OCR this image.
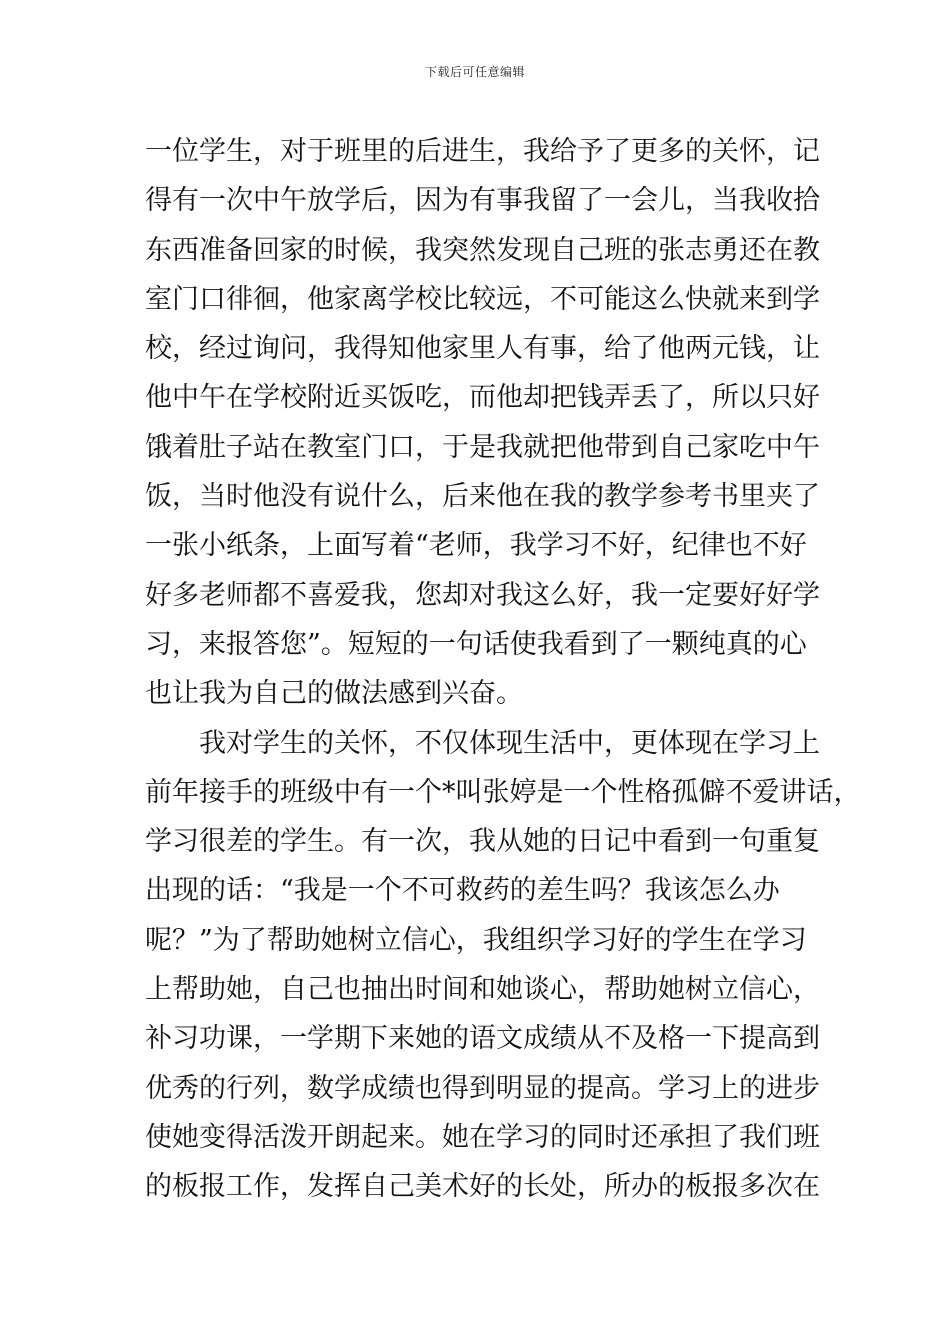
下载后可任意编辑
一位学生，对于班里的后进生，我给予了更多的关怀，记
得有一次中午放学后，因为有事我留了一会儿，当我收拾
东西准备回家的时候，我突然发现自己班的张志勇还在教
室门口徘徊，他家离学校比较远，不可能这么快就来到学
校，经过询问，我得知他家里人有事，给了他两元钱，让
他中午在学校附近买饭吃，而他却把钱弄丢了，所以只好
饿着肚子站在教室门口，于是我就把他带到自己家吃中午
饭，当时他没有说什么，后来他在我的教学参考书里夹了
一张小纸条，上面写着“老师，我学习不好，纪律也不好
好多老师都不喜爱我，您却对我这么好，我一定要好好学
习，来报答您”。短短的一句话使我看到了一颗纯真的心
也让我为自己的做法感到兴奋。
我对学生的关怀，不仅体现生活中，更体现在学习上
前年接手的班级中有一个*叫张婷是一个性格孤僻不爱讲话，
学习很差的学生。有一次，我从她的日记中看到一句重复
出现的话：“我是一个不可救药的差生吗？我该怎么办
呢？”为了帮助她树立信心，我组织学习好的学生在学习
上帮助她，自己也抽出时间和她谈心，帮助她树立信心，
补习功课，一学期下来她的语文成绩从不及格一下提高到
优秀的行列，数学成绩也得到明显的提高。学习上的进步
使她变得活泼开朗起来。她在学习的同时还承担了我们班
的板报工作，发挥自己美术好的长处，所办的板报多次在
